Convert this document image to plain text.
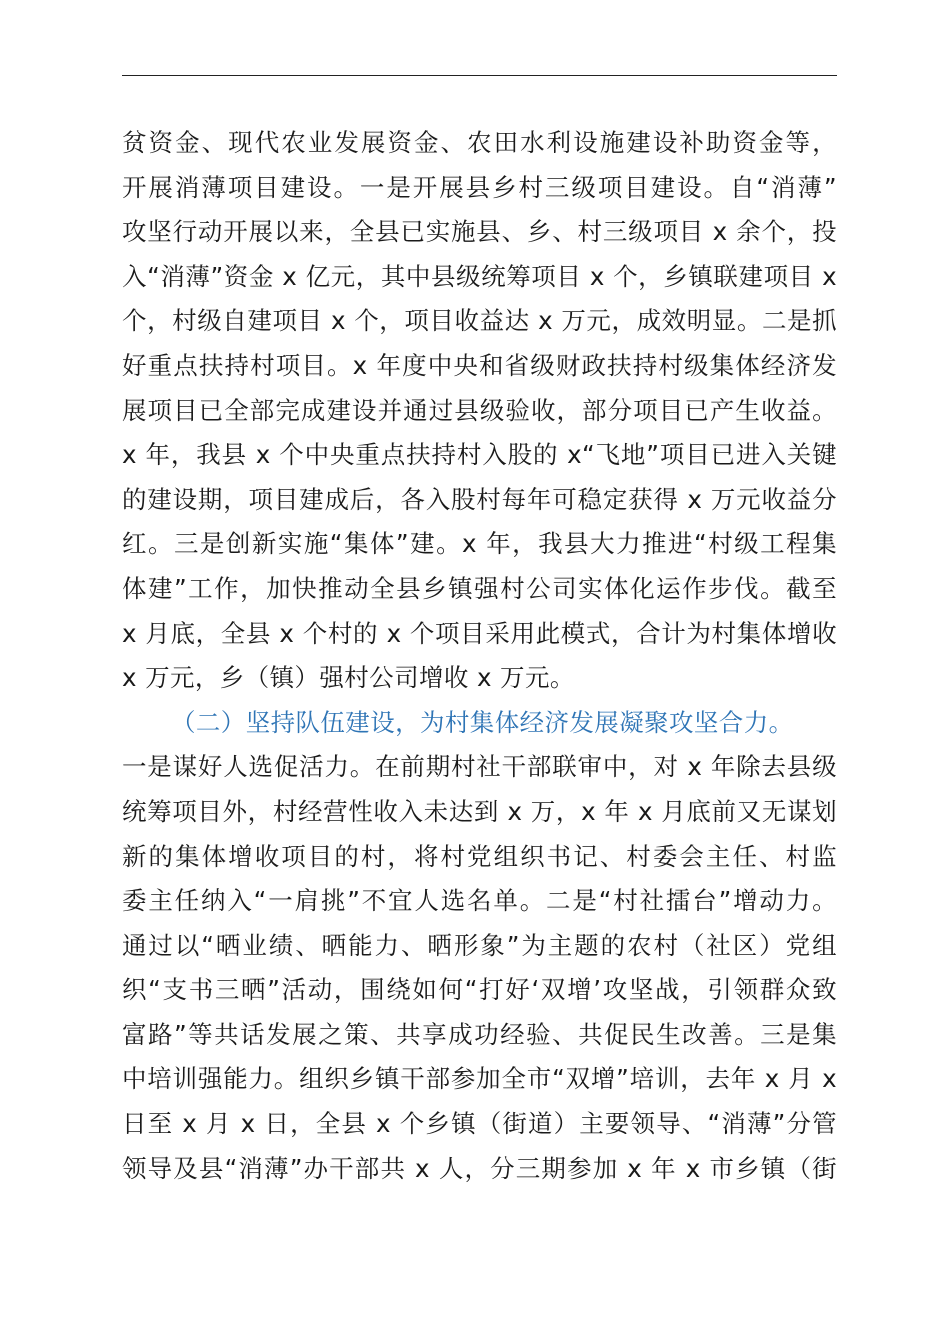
贫资金、现代农业发展资金、农田水利设施建设补助资金等，
开展消薄项目建设。一是开展县乡村三级项目建设。自“消薄”
攻坚行动开展以来，全县已实施县、乡、村三级项目 x 余个，投
入“消薄”资金 x 亿元，其中县级统筹项目 x 个，乡镇联建项目 x
个，村级自建项目 x 个，项目收益达 x 万元，成效明显。二是抓
好重点扶持村项目。x 年度中央和省级财政扶持村级集体经济发
展项目已全部完成建设并通过县级验收，部分项目已产生收益。
x 年，我县 x 个中央重点扶持村入股的 x“飞地”项目已进入关键
的建设期，项目建成后，各入股村每年可稳定获得 x 万元收益分
红。三是创新实施“集体”建。x 年，我县大力推进“村级工程集
体建”工作，加快推动全县乡镇强村公司实体化运作步伐。截至
x 月底，全县 x 个村的 x 个项目采用此模式，合计为村集体增收
x 万元，乡（镇）强村公司增收 x 万元。
（二）坚持队伍建设，为村集体经济发展凝聚攻坚合力。
一是谋好人选促活力。在前期村社干部联审中，对 x 年除去县级
统筹项目外，村经营性收入未达到 x 万，x 年 x 月底前又无谋划
新的集体增收项目的村，将村党组织书记、村委会主任、村监
委主任纳入“一肩挑”不宜人选名单。二是“村社擂台”增动力。
通过以“晒业绩、晒能力、晒形象”为主题的农村（社区）党组
织“支书三晒”活动，围绕如何“打好‘双增’攻坚战，引领群众致
富路”等共话发展之策、共享成功经验、共促民生改善。三是集
中培训强能力。组织乡镇干部参加全市“双增”培训，去年 x 月 x
日至 x 月 x 日，全县 x 个乡镇（街道）主要领导、“消薄”分管
领导及县“消薄”办干部共 x 人，分三期参加 x 年 x 市乡镇（街
